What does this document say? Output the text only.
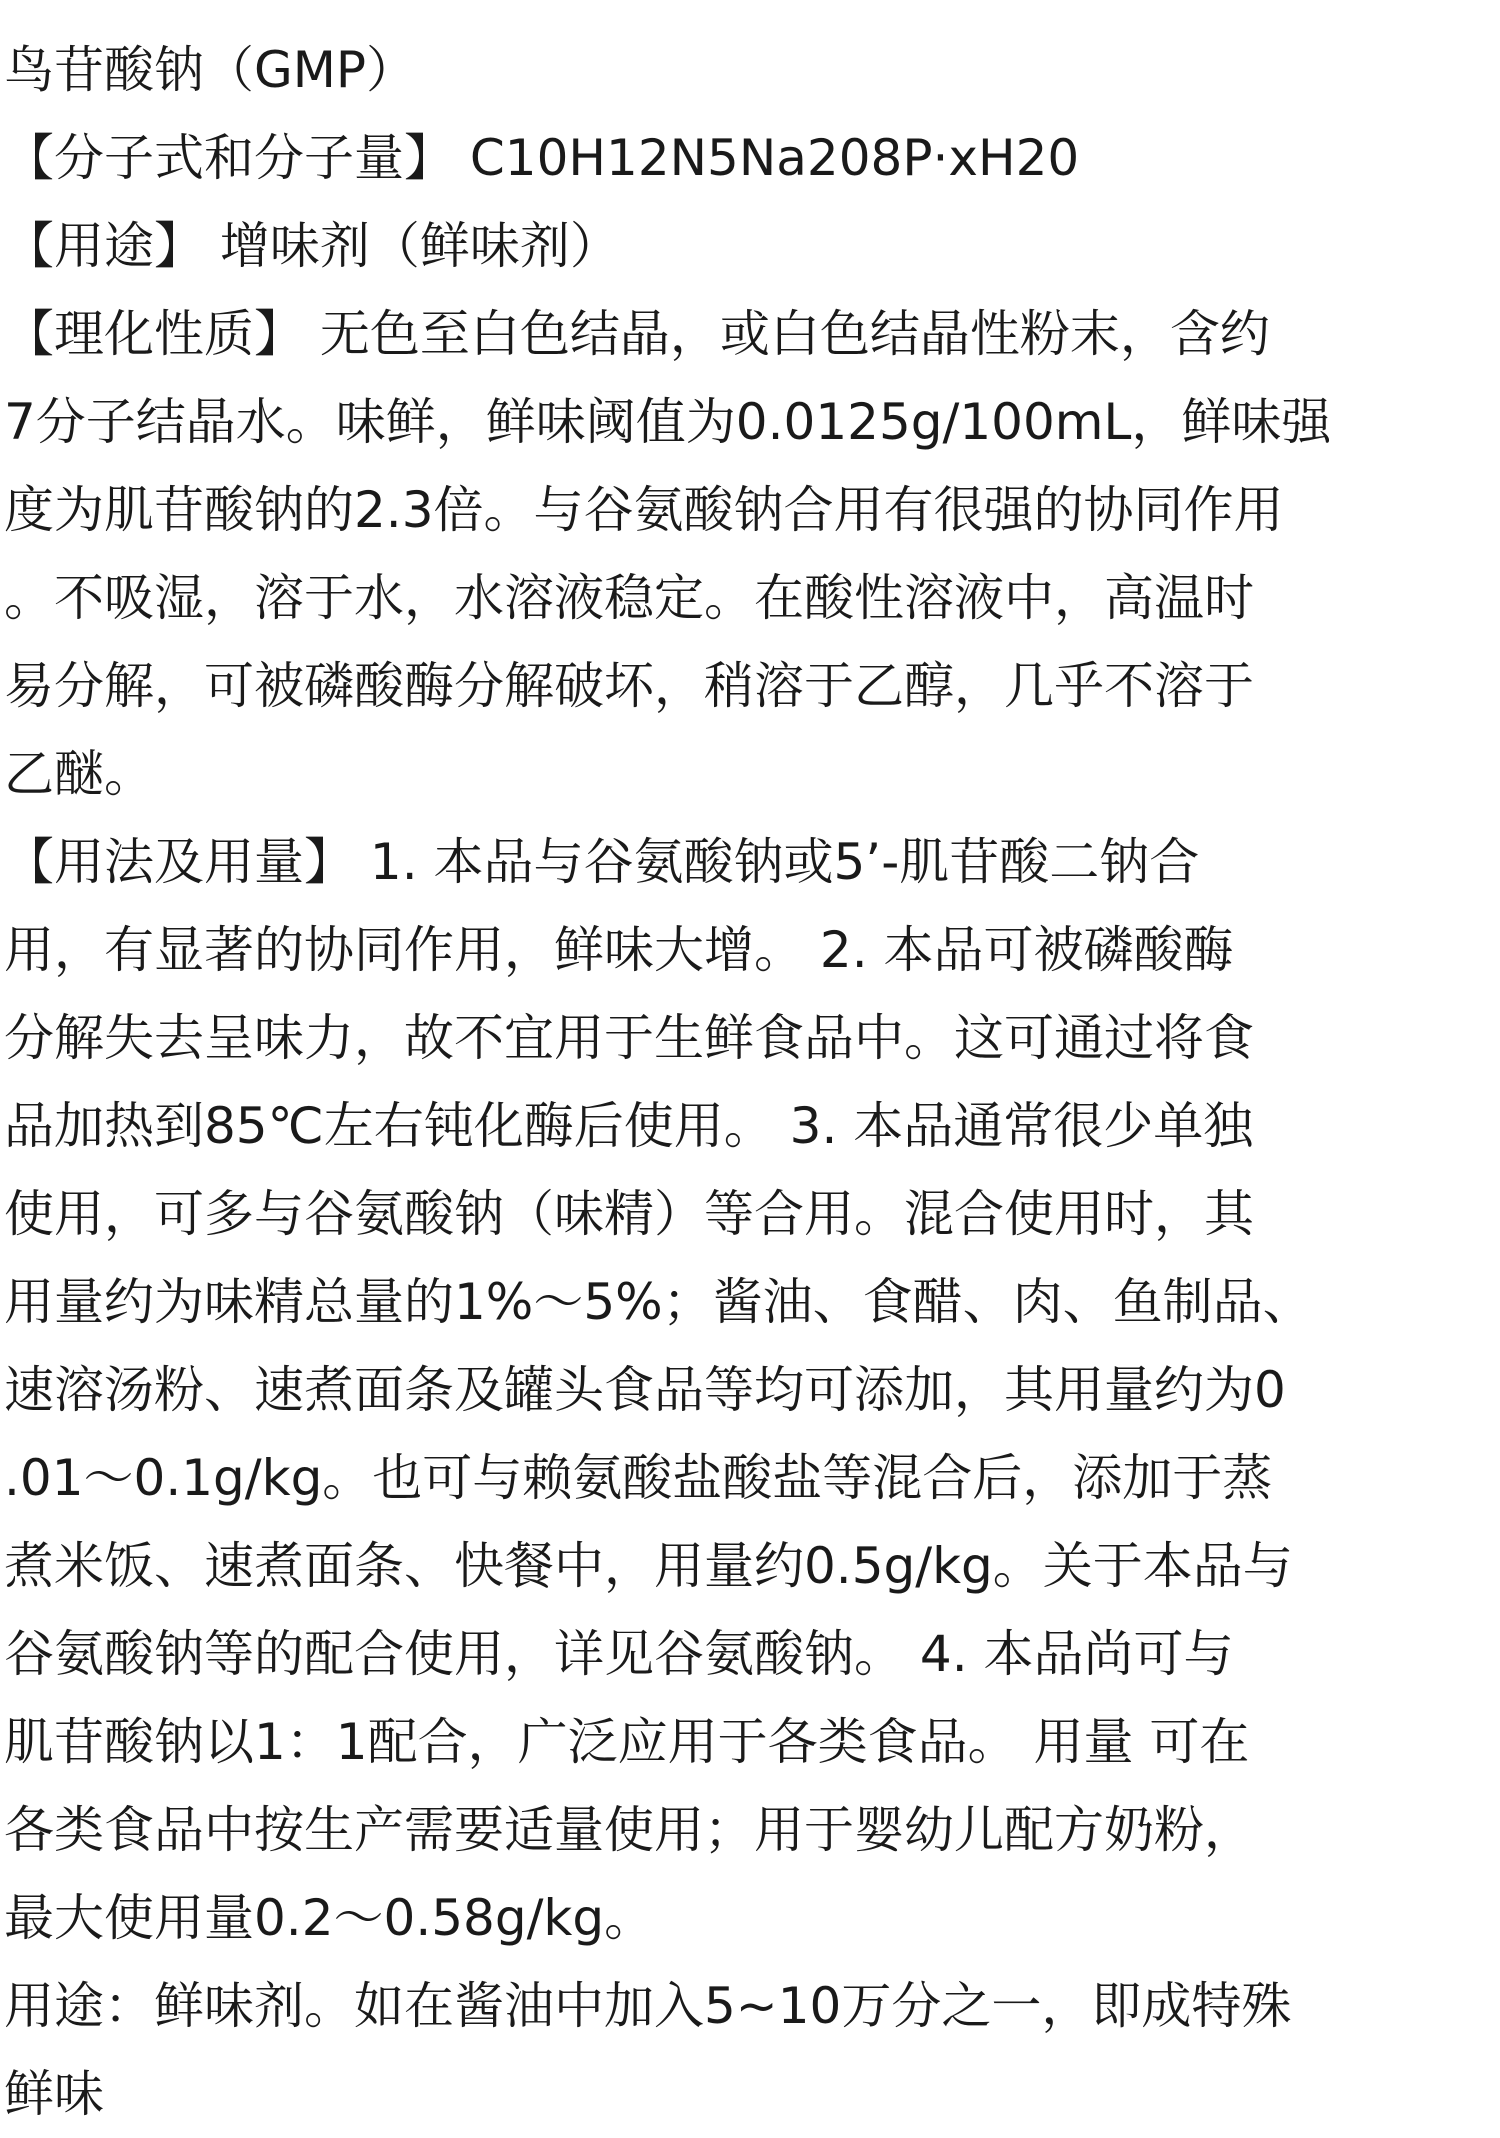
鸟苷酸钠（GMP）
【分子式和分子量】 C10H12N5Na208P·xH20
【用途】 增味剂（鲜味剂）
【理化性质】 无色至白色结晶，或白色结晶性粉末，含约
7分子结晶水。味鲜，鲜味阈值为0.0125g/100mL，鲜味强
度为肌苷酸钠的2.3倍。与谷氨酸钠合用有很强的协同作用
。不吸湿，溶于水，水溶液稳定。在酸性溶液中，高温时
易分解，可被磷酸酶分解破坏，稍溶于乙醇，几乎不溶于
乙醚。
【用法及用量】 1. 本品与谷氨酸钠或5’-肌苷酸二钠合
用，有显著的协同作用，鲜味大增。 2. 本品可被磷酸酶
分解失去呈味力，故不宜用于生鲜食品中。这可通过将食
品加热到85℃左右钝化酶后使用。 3. 本品通常很少单独
使用，可多与谷氨酸钠（味精）等合用。混合使用时，其
用量约为味精总量的1%～5%；酱油、食醋、肉、鱼制品、
速溶汤粉、速煮面条及罐头食品等均可添加，其用量约为0
.01～0.1g/kg。也可与赖氨酸盐酸盐等混合后，添加于蒸
煮米饭、速煮面条、快餐中，用量约0.5g/kg。关于本品与
谷氨酸钠等的配合使用，详见谷氨酸钠。 4. 本品尚可与
肌苷酸钠以1：1配合，广泛应用于各类食品。 用量 可在
各类食品中按生产需要适量使用；用于婴幼儿配方奶粉，
最大使用量0.2～0.58g/kg。
用途：鲜味剂。如在酱油中加入5~10万分之一，即成特殊
鲜味
